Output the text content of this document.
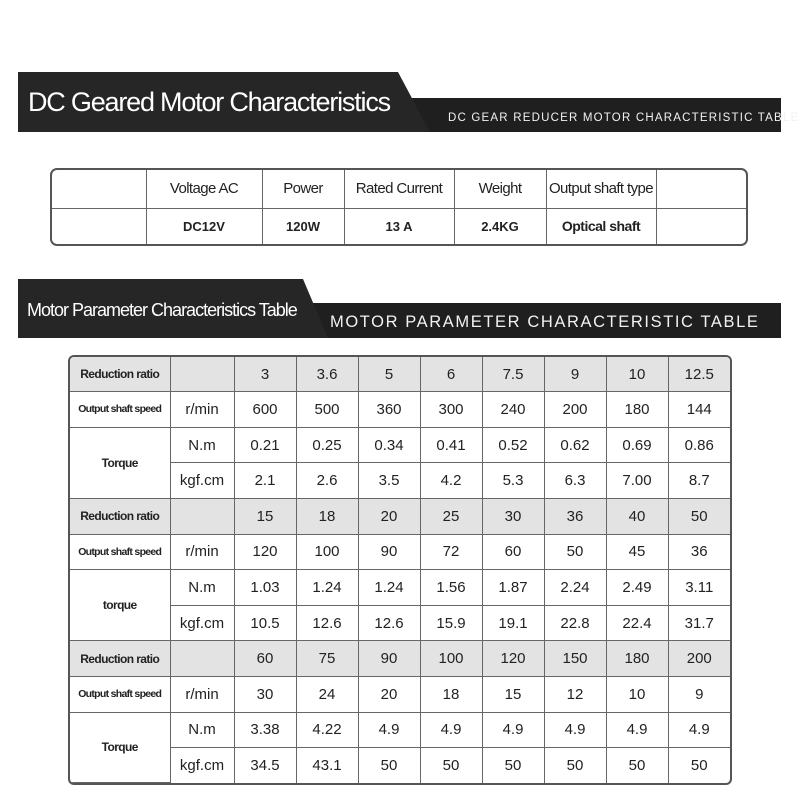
DC Geared Motor Characteristics
DC GEAR REDUCER MOTOR CHARACTERISTIC TABLE
	Voltage AC	Power	Rated Current	Weight	Output shaft type	
	DC12V	120W	13 A	2.4KG	Optical shaft	
Motor Parameter Characteristics Table
MOTOR PARAMETER CHARACTERISTIC TABLE
Reduction ratio		3	3.6	5	6	7.5	9	10	12.5
Output shaft speed	r/min	600	500	360	300	240	200	180	144
Torque	N.m	0.21	0.25	0.34	0.41	0.52	0.62	0.69	0.86
	kgf.cm	2.1	2.6	3.5	4.2	5.3	6.3	7.00	8.7
Reduction ratio		15	18	20	25	30	36	40	50
Output shaft speed	r/min	120	100	90	72	60	50	45	36
torque	N.m	1.03	1.24	1.24	1.56	1.87	2.24	2.49	3.11
	kgf.cm	10.5	12.6	12.6	15.9	19.1	22.8	22.4	31.7
Reduction ratio		60	75	90	100	120	150	180	200
Output shaft speed	r/min	30	24	20	18	15	12	10	9
Torque	N.m	3.38	4.22	4.9	4.9	4.9	4.9	4.9	4.9
	kgf.cm	34.5	43.1	50	50	50	50	50	50
